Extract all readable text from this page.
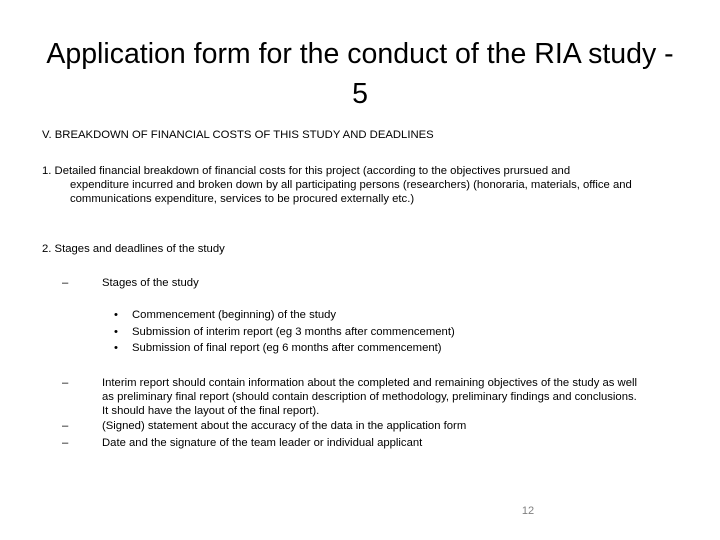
Application form for the conduct of the RIA study - 5

V. BREAKDOWN OF FINANCIAL COSTS OF THIS STUDY AND DEADLINES

1. Detailed financial breakdown of financial costs for this project (according to the objectives prursued and
expenditure incurred and broken down by all participating persons (researchers) (honoraria, materials, office and communications expenditure, services to be procured externally etc.)

2. Stages and deadlines of the study

–	Stages of the study
• Commencement (beginning) of the study
• Submission of interim report (eg 3 months after commencement)
• Submission of final report (eg 6 months after commencement)
–	Interim report should contain information about the completed and remaining objectives of the study as well as preliminary final report (should contain description of methodology, preliminary findings and conclusions. It should have the layout of the final report).
–	(Signed) statement about the accuracy of the data in the application form
–	Date and the signature of the team leader or individual applicant
12
